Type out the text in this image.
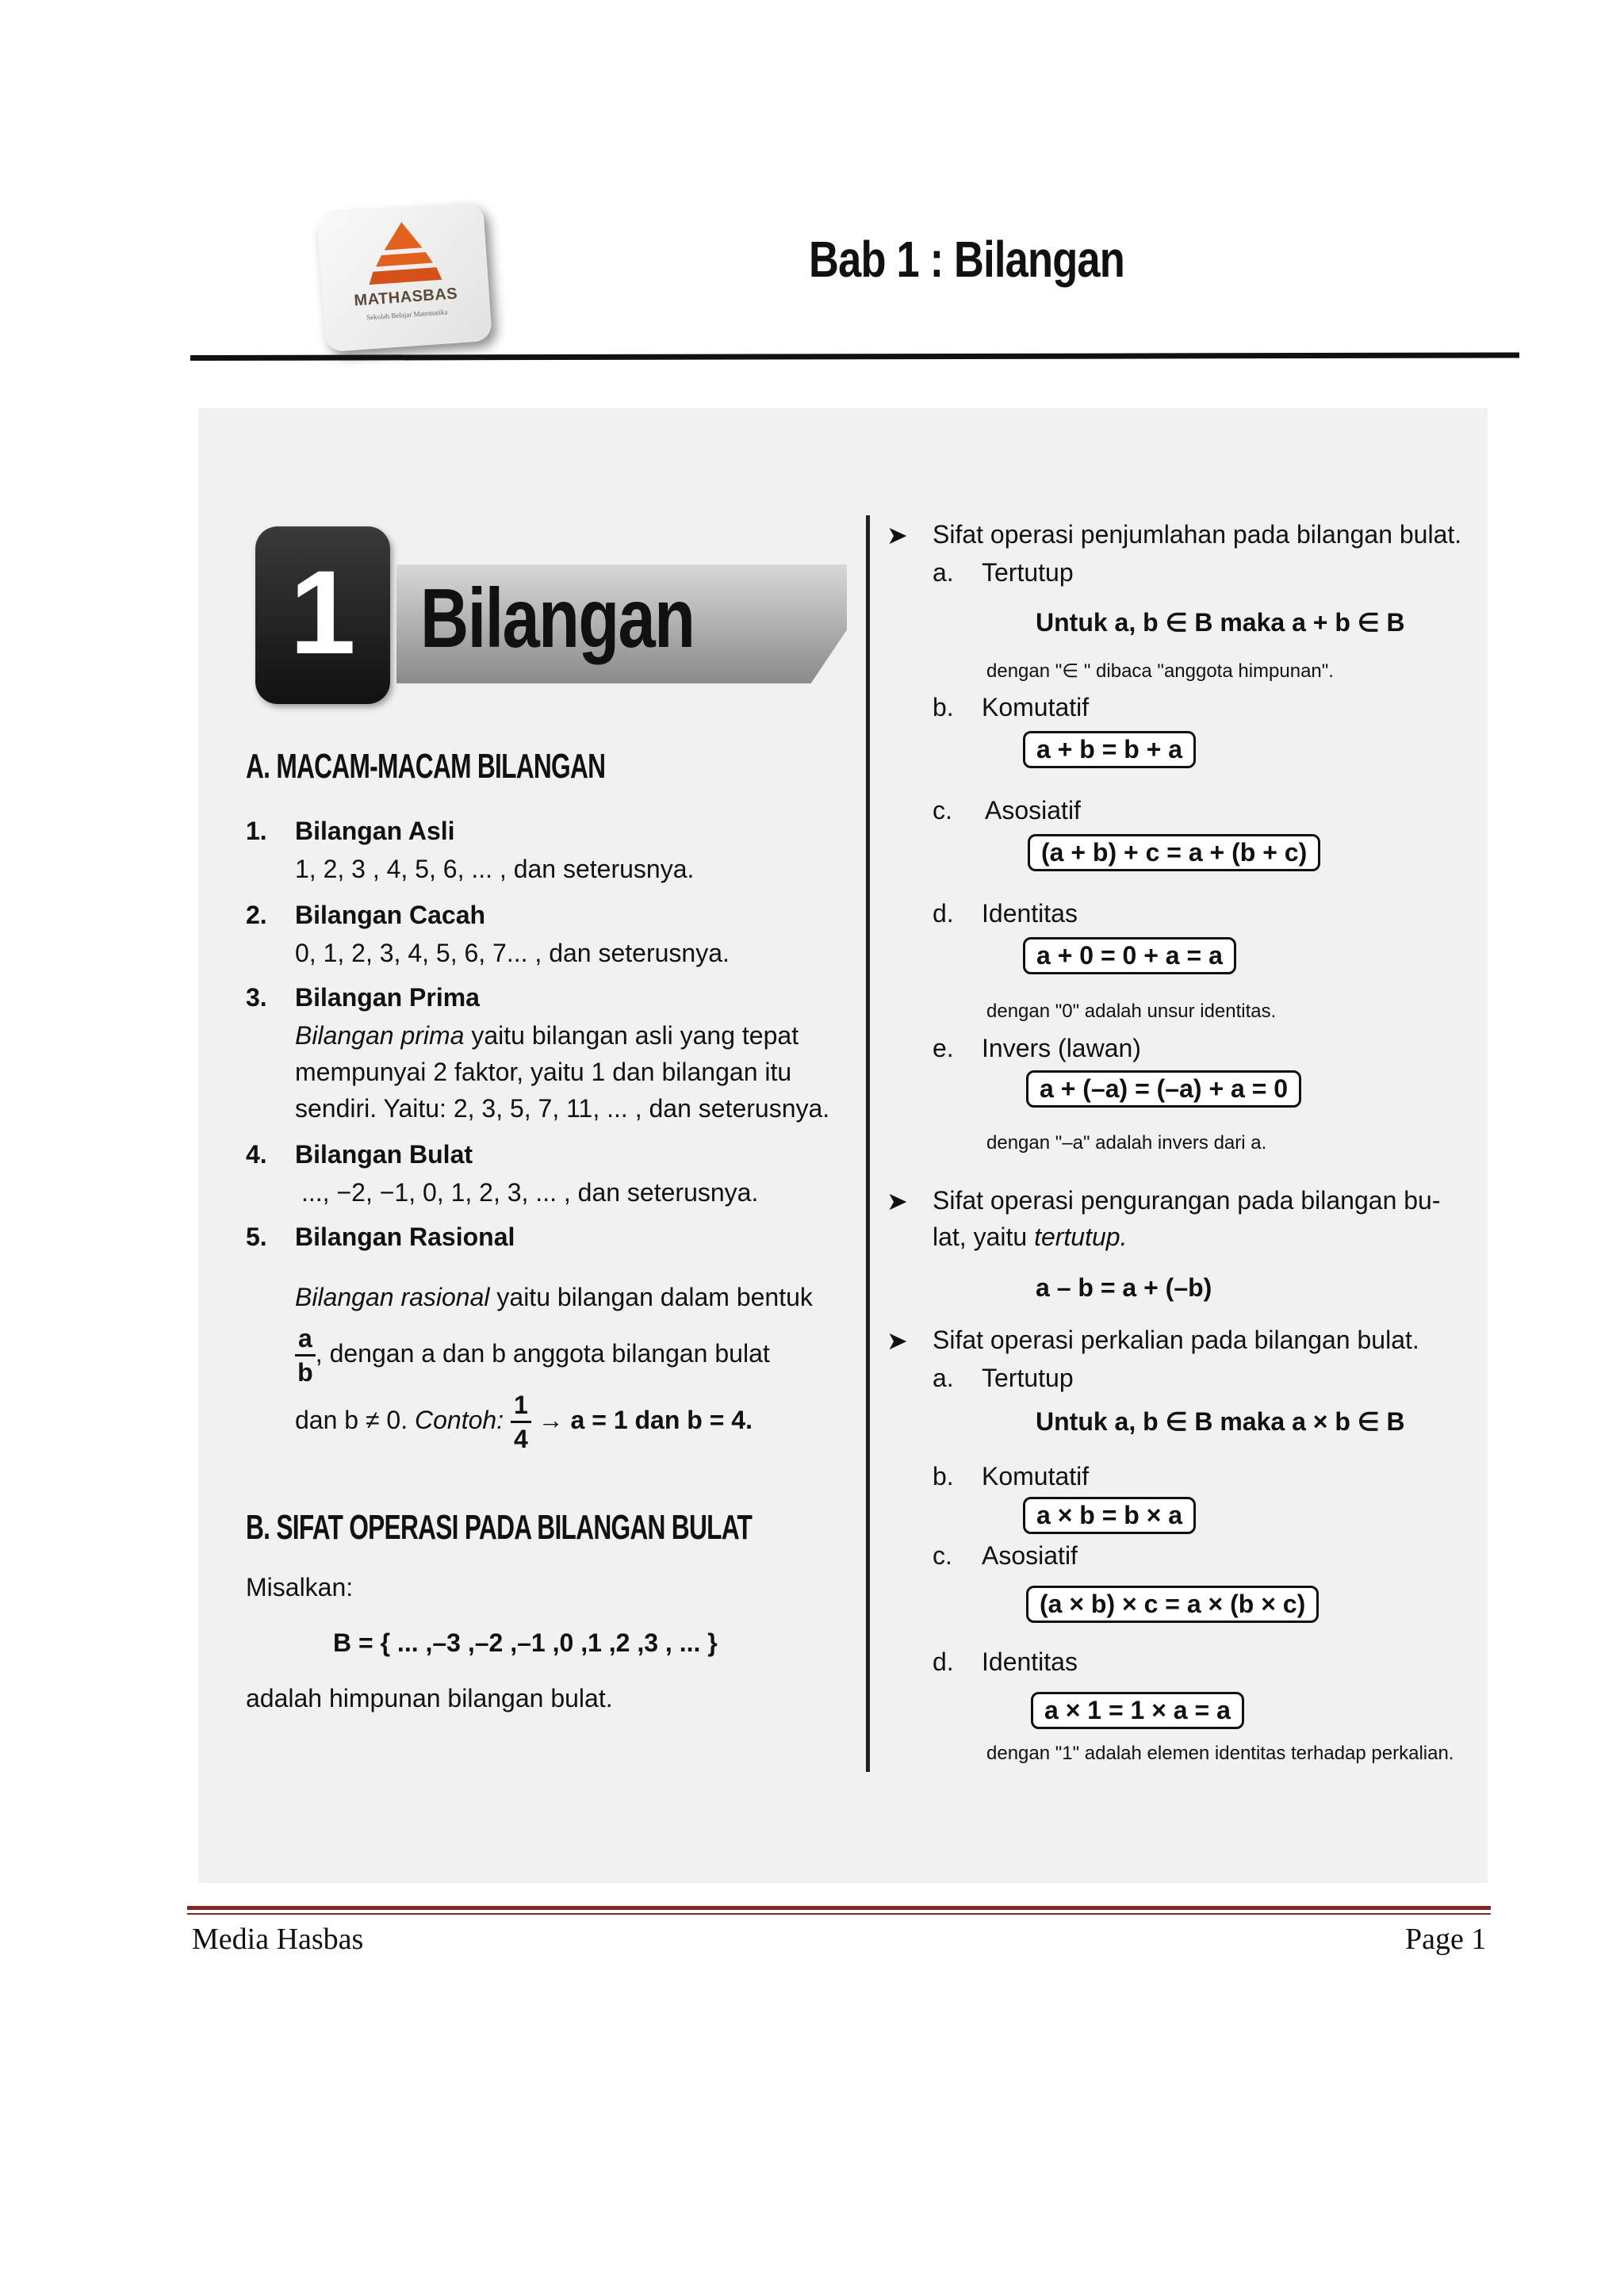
MATHASBAS
Sekolah Belajar Matematika
Bab 1 : Bilangan
1 Bilangan
A. MACAM-MACAM BILANGAN
1. Bilangan Asli
1, 2, 3 , 4, 5, 6, ... , dan seterusnya.
2. Bilangan Cacah
0, 1, 2, 3, 4, 5, 6, 7... , dan seterusnya.
3. Bilangan Prima
Bilangan prima yaitu bilangan asli yang tepat
mempunyai 2 faktor, yaitu 1 dan bilangan itu
sendiri. Yaitu: 2, 3, 5, 7, 11, ... , dan seterusnya.
4. Bilangan Bulat
..., −2, −1, 0, 1, 2, 3, ... , dan seterusnya.
5. Bilangan Rasional
Bilangan rasional yaitu bilangan dalam bentuk
$\frac{a}{b}$ , dengan a dan b anggota bilangan bulat
dan b ≠ 0. Contoh: $\frac{1}{4} \to a = 1$ dan b = 4.
B. SIFAT OPERASI PADA BILANGAN BULAT
Misalkan:
B = { ... ,–3 ,–2 ,–1 ,0 ,1 ,2 ,3 , ... }
adalah himpunan bilangan bulat.
➤ Sifat operasi penjumlahan pada bilangan bulat.
a. Tertutup
Untuk a, b ∈ B maka a + b ∈ B
dengan "∈ " dibaca "anggota himpunan".
b. Komutatif
a + b = b + a
c. Asosiatif
(a + b) + c = a + (b + c)
d. Identitas
a + 0 = 0 + a = a
dengan "0" adalah unsur identitas.
e. Invers (lawan)
a + (–a) = (–a) + a = 0
dengan "–a" adalah invers dari a.
➤ Sifat operasi pengurangan pada bilangan bu-
lat, yaitu tertutup.
a – b = a + (–b)
➤ Sifat operasi perkalian pada bilangan bulat.
a. Tertutup
Untuk a, b ∈ B maka a × b ∈ B
b. Komutatif
a × b = b × a
c. Asosiatif
(a × b) × c = a × (b × c)
d. Identitas
a × 1 = 1 × a = a
dengan "1" adalah elemen identitas terhadap perkalian.
Media Hasbas	Page 1
